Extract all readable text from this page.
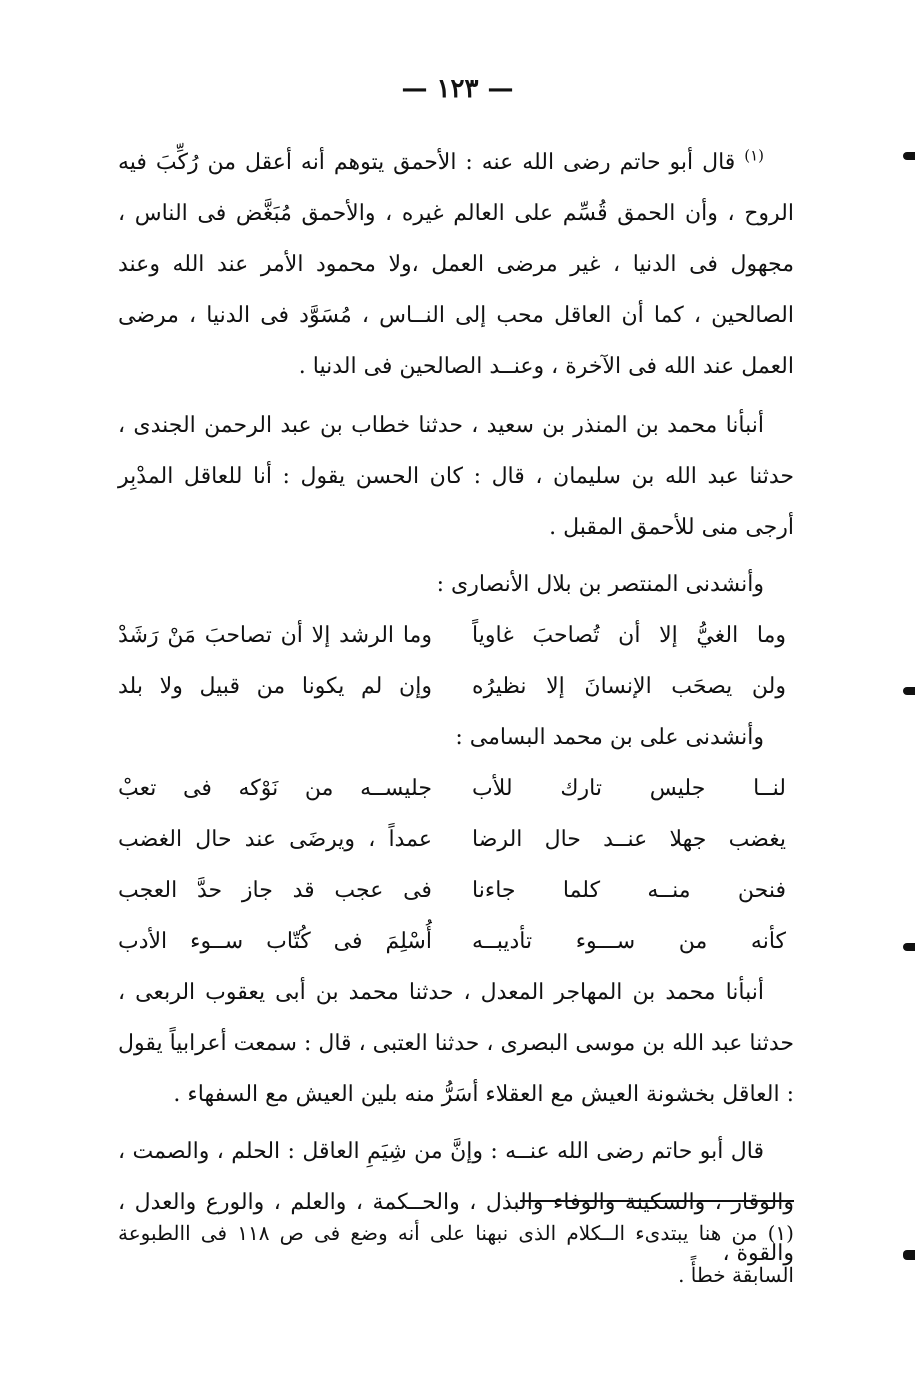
— ١٢٣ —

$^{(١)}$ قال أبو حاتم رضى الله عنه : الأحمق يتوهم أنه أعقل من رُكِّبَ فيه الروح ، وأن الحمق قُسِّم على العالم غيره ، والأحمق مُبَغَّض فى الناس ، مجهول فى الدنيا ، غير مرضى العمل ،ولا محمود الأمر عند الله وعند الصالحين ، كما أن العاقل محب إلى النــاس ، مُسَوَّد فى الدنيا ، مرضى العمل عند الله فى الآخرة ، وعنــد الصالحين فى الدنيا .

أنبأنا محمد بن المنذر بن سعيد ، حدثنا خطاب بن عبد الرحمن الجندى ، حدثنا عبد الله بن سليمان ، قال : كان الحسن يقول : أنا للعاقل المدْبِر أرجى منى للأحمق المقبل .

وأنشدنى المنتصر بن بلال الأنصارى :

وما الغيُّ إلا أن تُصاحبَ غاوياً
وما الرشد إلا أن تصاحبَ مَنْ رَشَدْ
ولن يصحَب الإنسانَ إلا نظيرُه
وإن لم يكونا من قبيل ولا بلد

وأنشدنى على بن محمد البسامى :

لنــا جليس تارك للأب
جليســه من نَوْكه فى تعبْ
يغضب جهلا عنــد حال الرضا
عمداً ، ويرضَى عند حال الغضب
فنحن منــه كلما جاءنا
فى عجب قد جاز حدَّ العجب
كأنه من ســـوء تأديبــه
أُسْلِمَ فى كُتّاب ســوء الأدب

أنبأنا محمد بن المهاجر المعدل ، حدثنا محمد بن أبى يعقوب الربعى ، حدثنا عبد الله بن موسى البصرى ، حدثنا العتبى ، قال : سمعت أعرابياً يقول : العاقل بخشونة العيش مع العقلاء أسَرُّ منه بلين العيش مع السفهاء .

قال أبو حاتم رضى الله عنــه : وإنَّ من شِيَمِ العاقل : الحلم ، والصمت ، والوقار ، والسكينة والوفاء والبذل ، والحــكمة ، والعلم ، والورع والعدل ، والقوة ،

(١) من هنا يبتدىء الــكلام الذى نبهنا على أنه وضع فى ص ١١٨ فى االطبوعة السابقة خطأً .
